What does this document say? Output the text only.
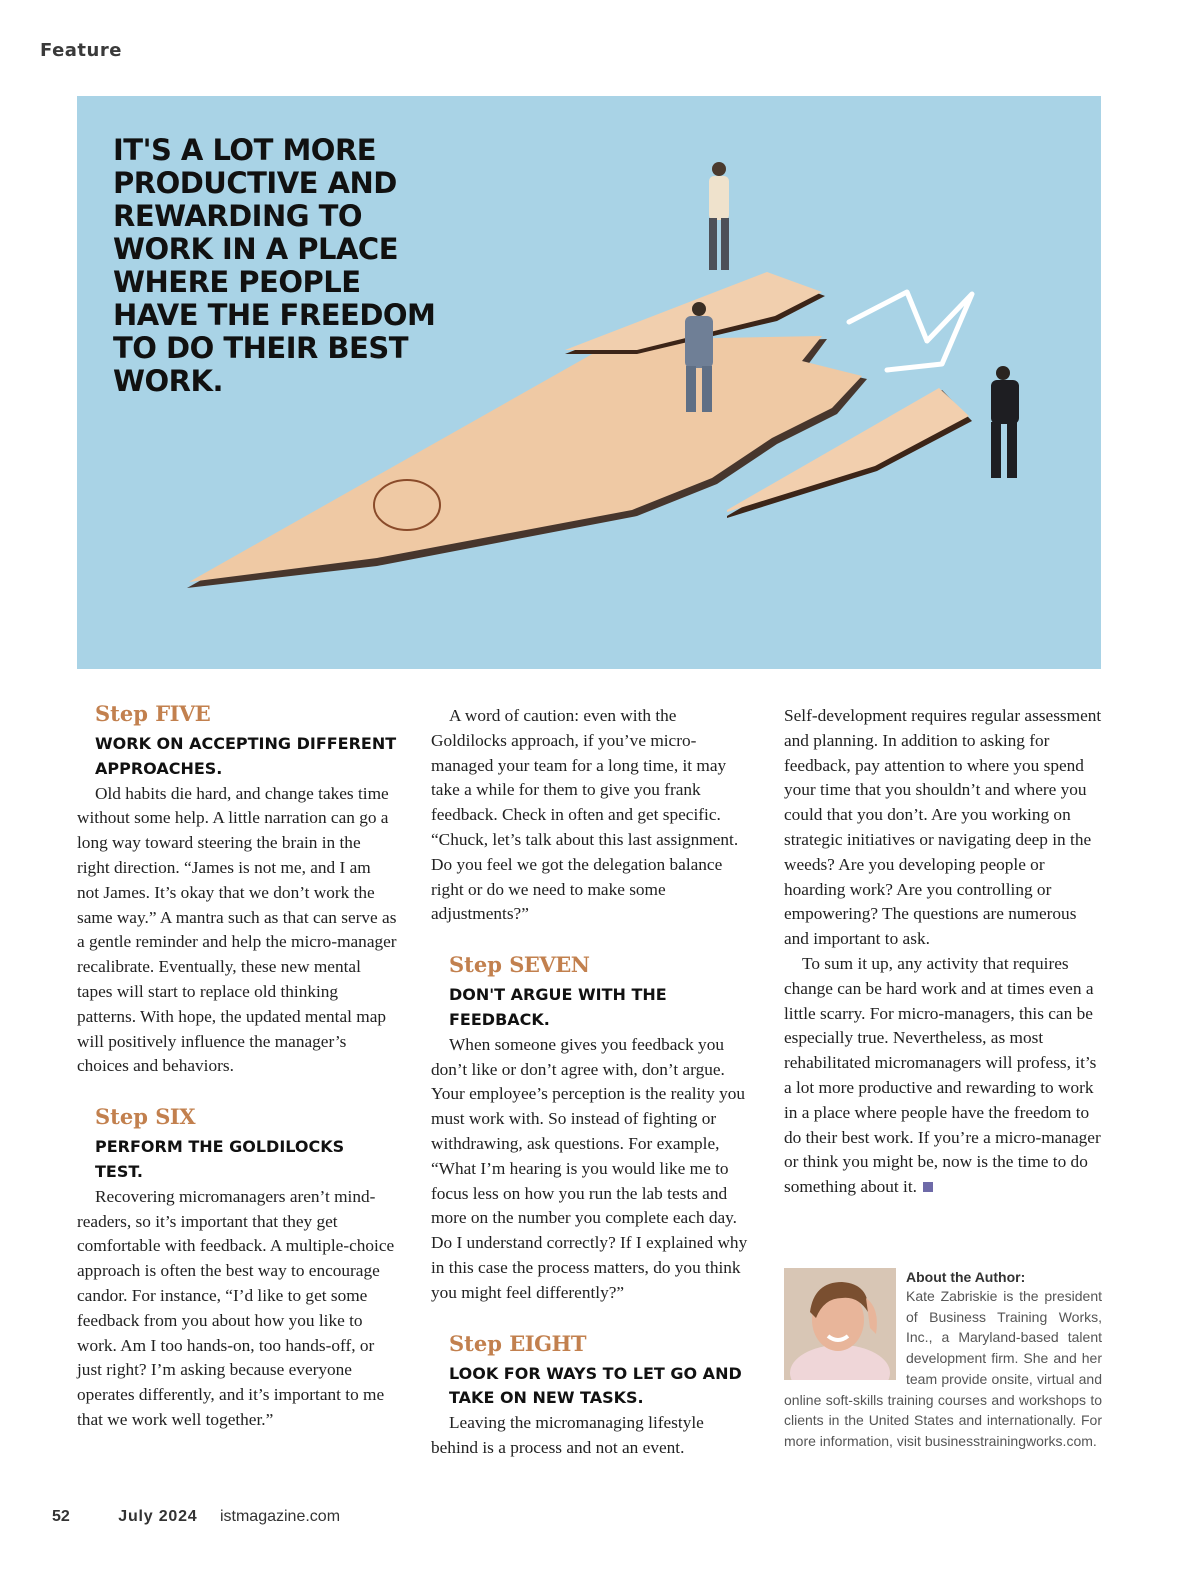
Feature
IT'S A LOT MORE PRODUCTIVE AND REWARDING TO WORK IN A PLACE WHERE PEOPLE HAVE THE FREEDOM TO DO THEIR BEST WORK.
Step FIVE
WORK ON ACCEPTING DIFFERENT APPROACHES.

Old habits die hard, and change takes time without some help. A little narration can go a long way toward steering the brain in the right direction. “James is not me, and I am not James. It’s okay that we don’t work the same way.” A mantra such as that can serve as a gentle reminder and help the micro-manager recalibrate. Eventually, these new mental tapes will start to replace old thinking patterns. With hope, the updated mental map will positively influence the manager’s choices and behaviors.

Step SIX
PERFORM THE GOLDILOCKS TEST.

Recovering micromanagers aren’t mind-readers, so it’s important that they get comfortable with feedback. A multiple-choice approach is often the best way to encourage candor. For instance, “I’d like to get some feedback from you about how you like to work. Am I too hands-on, too hands-off, or just right? I’m asking because everyone operates differently, and it’s important to me that we work well together.”

A word of caution: even with the Goldilocks approach, if you’ve micro-managed your team for a long time, it may take a while for them to give you frank feedback. Check in often and get specific. “Chuck, let’s talk about this last assignment. Do you feel we got the delegation balance right or do we need to make some adjustments?”

Step SEVEN
DON'T ARGUE WITH THE FEEDBACK.

When someone gives you feedback you don’t like or don’t agree with, don’t argue. Your employee’s perception is the reality you must work with. So instead of fighting or withdrawing, ask questions. For example, “What I’m hearing is you would like me to focus less on how you run the lab tests and more on the number you complete each day. Do I understand correctly? If I explained why in this case the process matters, do you think you might feel differently?”

Step EIGHT
LOOK FOR WAYS TO LET GO AND TAKE ON NEW TASKS.

Leaving the micromanaging lifestyle behind is a process and not an event.

Self-development requires regular assessment and planning. In addition to asking for feedback, pay attention to where you spend your time that you shouldn’t and where you could that you don’t. Are you working on strategic initiatives or navigating deep in the weeds? Are you developing people or hoarding work? Are you controlling or empowering? The questions are numerous and important to ask.

To sum it up, any activity that requires change can be hard work and at times even a little scarry. For micro-managers, this can be especially true. Nevertheless, as most rehabilitated micromanagers will profess, it’s a lot more productive and rewarding to work in a place where people have the freedom to do their best work. If you’re a micro-manager or think you might be, now is the time to do something about it.

About the Author:
Kate Zabriskie is the president of Business Training Works, Inc., a Maryland-based talent development firm. She and her team provide onsite, virtual and online soft-skills training courses and workshops to clients in the United States and internationally. For more information, visit businesstrainingworks.com.
52	July 2024 istmagazine.com
